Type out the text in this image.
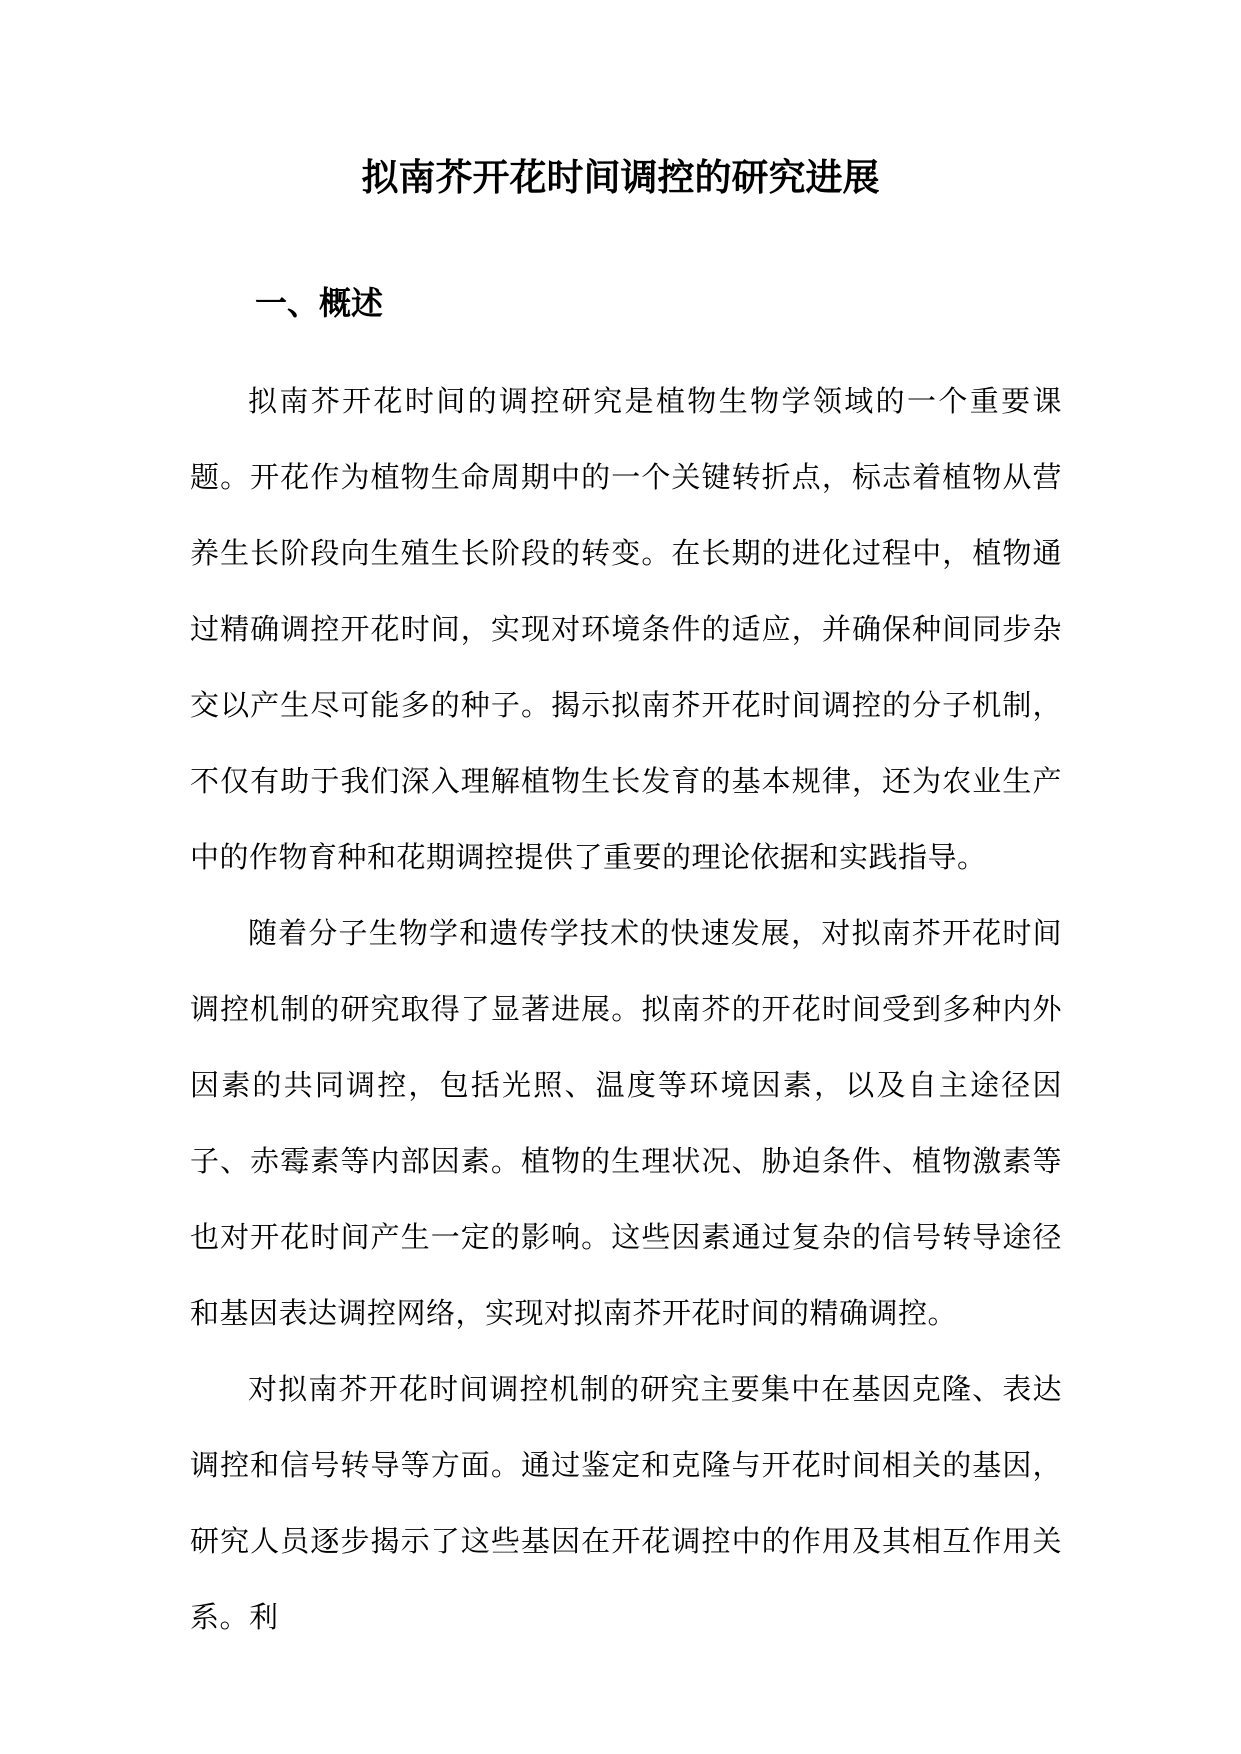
拟南芥开花时间调控的研究进展
一、概述

拟南芥开花时间的调控研究是植物生物学领域的一个重要课题。开花作为植物生命周期中的一个关键转折点，标志着植物从营养生长阶段向生殖生长阶段的转变。在长期的进化过程中，植物通过精确调控开花时间，实现对环境条件的适应，并确保种间同步杂交以产生尽可能多的种子。揭示拟南芥开花时间调控的分子机制，不仅有助于我们深入理解植物生长发育的基本规律，还为农业生产中的作物育种和花期调控提供了重要的理论依据和实践指导。

随着分子生物学和遗传学技术的快速发展，对拟南芥开花时间调控机制的研究取得了显著进展。拟南芥的开花时间受到多种内外因素的共同调控，包括光照、温度等环境因素，以及自主途径因子、赤霉素等内部因素。植物的生理状况、胁迫条件、植物激素等也对开花时间产生一定的影响。这些因素通过复杂的信号转导途径和基因表达调控网络，实现对拟南芥开花时间的精确调控。

对拟南芥开花时间调控机制的研究主要集中在基因克隆、表达调控和信号转导等方面。通过鉴定和克隆与开花时间相关的基因，研究人员逐步揭示了这些基因在开花调控中的作用及其相互作用关系。利
